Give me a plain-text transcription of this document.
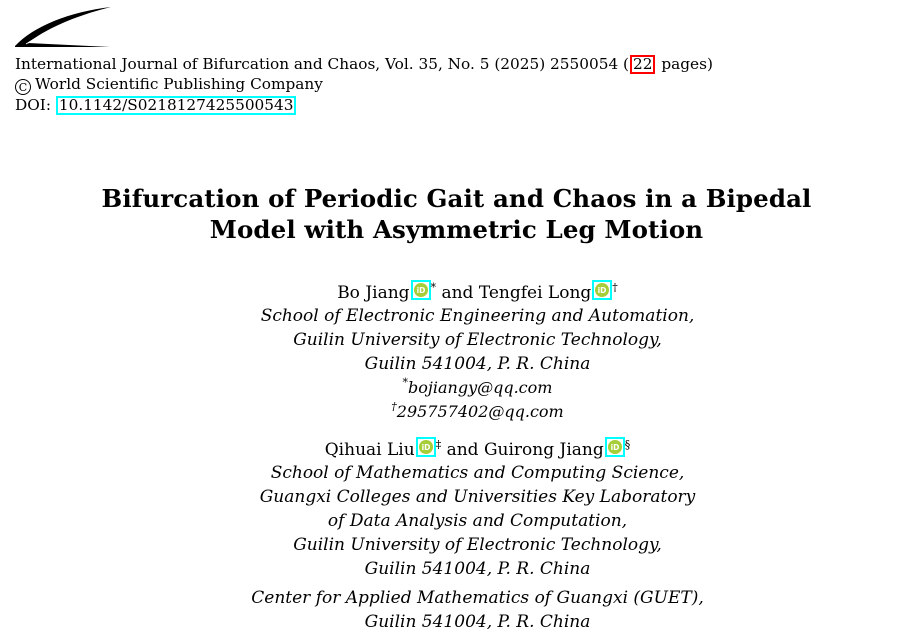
International Journal of Bifurcation and Chaos, Vol. 35, No. 5 (2025) 2550054 ( 22 pages)
C World Scientific Publishing Company
DOI: 10.1142/S0218127425500543
Bifurcation of Periodic Gait and Chaos in a Bipedal
Model with Asymmetric Leg Motion
Bo Jiang iD * and Tengfei Long iD †
School of Electronic Engineering and Automation,
Guilin University of Electronic Technology,
Guilin 541004, P. R. China
*bojiangy@qq.com
†295757402@qq.com
Qihuai Liu iD ‡ and Guirong Jiang iD §
School of Mathematics and Computing Science,
Guangxi Colleges and Universities Key Laboratory
of Data Analysis and Computation,
Guilin University of Electronic Technology,
Guilin 541004, P. R. China
Center for Applied Mathematics of Guangxi (GUET),
Guilin 541004, P. R. China
